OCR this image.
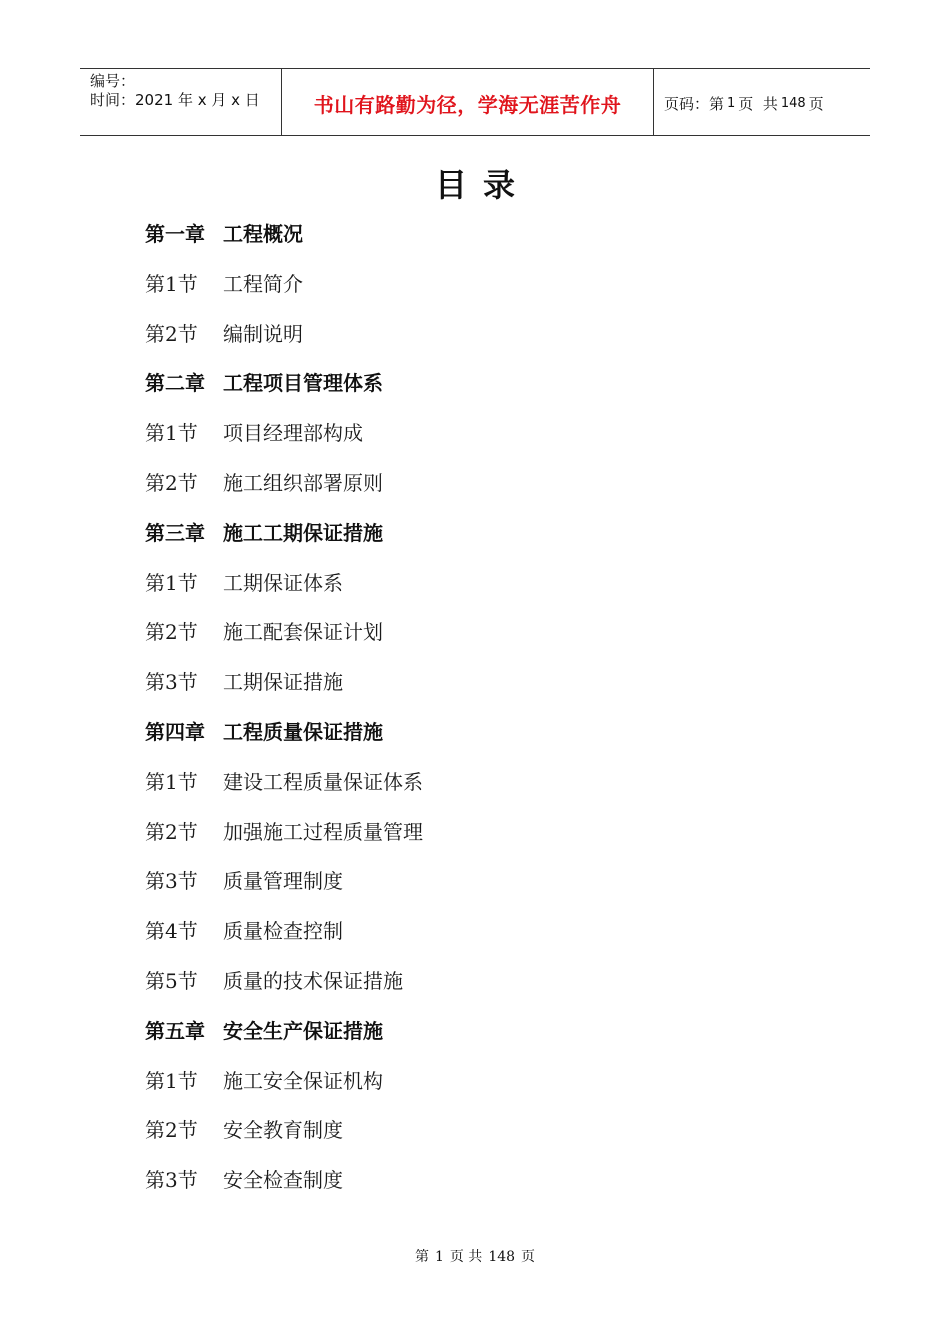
编号：
时间：2021 年 x 月 x 日	书山有路勤为径，学海无涯苦作舟	页码：第 1 页  共 148 页
目录
第一章 工程概况
第1节 工程简介
第2节 编制说明
第二章 工程项目管理体系
第1节 项目经理部构成
第2节 施工组织部署原则
第三章 施工工期保证措施
第1节 工期保证体系
第2节 施工配套保证计划
第3节 工期保证措施
第四章 工程质量保证措施
第1节 建设工程质量保证体系
第2节 加强施工过程质量管理
第3节 质量管理制度
第4节 质量检查控制
第5节 质量的技术保证措施
第五章 安全生产保证措施
第1节 施工安全保证机构
第2节 安全教育制度
第3节 安全检查制度
第 1 页 共 148 页
